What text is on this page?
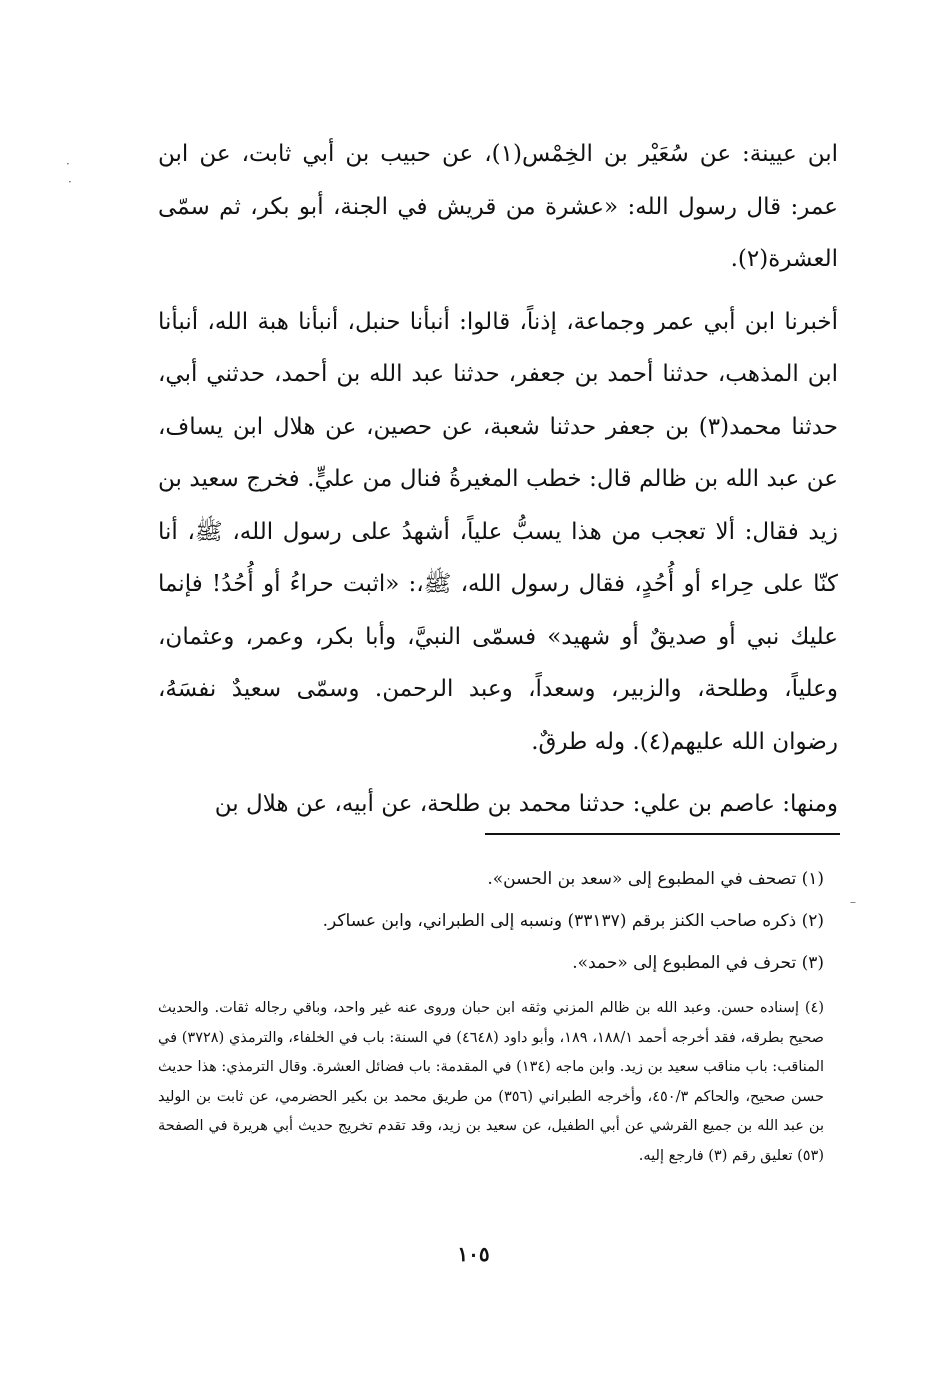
·
·
–

ابن عيينة: عن سُعَيْر بن الخِمْس(١)، عن حبيب بن أبي ثابت، عن ابن عمر: قال رسول الله: «عشرة من قريش في الجنة، أبو بكر، ثم سمّى العشرة(٢).

أخبرنا ابن أبي عمر وجماعة، إذناً، قالوا: أنبأنا حنبل، أنبأنا هبة الله، أنبأنا ابن المذهب، حدثنا أحمد بن جعفر، حدثنا عبد الله بن أحمد، حدثني أبي، حدثنا محمد(٣) بن جعفر حدثنا شعبة، عن حصين، عن هلال ابن يساف، عن عبد الله بن ظالم قال: خطب المغيرةُ فنال من عليٍّ. فخرج سعيد بن زيد فقال: ألا تعجب من هذا يسبُّ علياً، أشهدُ على رسول الله، ﷺ، أنا كنّا على حِراء أو أُحُدٍ، فقال رسول الله، ﷺ،: «اثبت حراءُ أو أُحُدُ! فإنما عليك نبي أو صديقٌ أو شهيد» فسمّى النبيَّ، وأبا بكر، وعمر، وعثمان، وعلياً، وطلحة، والزبير، وسعداً، وعبد الرحمن. وسمّى سعيدٌ نفسَهُ، رضوان الله عليهم(٤). وله طرقٌ.

ومنها: عاصم بن علي: حدثنا محمد بن طلحة، عن أبيه، عن هلال بن

(١) تصحف في المطبوع إلى «سعد بن الحسن».

(٢) ذكره صاحب الكنز برقم (٣٣١٣٧) ونسبه إلى الطبراني، وابن عساكر.

(٣) تحرف في المطبوع إلى «حمد».

(٤) إسناده حسن. وعبد الله بن ظالم المزني وثقه ابن حبان وروى عنه غير واحد، وباقي رجاله ثقات. والحديث صحيح بطرقه، فقد أخرجه أحمد ١٨٨/١، ١٨٩، وأبو داود (٤٦٤٨) في السنة: باب في الخلفاء، والترمذي (٣٧٢٨) في المناقب: باب مناقب سعيد بن زيد. وابن ماجه (١٣٤) في المقدمة: باب فضائل العشرة. وقال الترمذي: هذا حديث حسن صحيح، والحاكم ٤٥٠/٣، وأخرجه الطبراني (٣٥٦) من طريق محمد بن بكير الحضرمي، عن ثابت بن الوليد بن عبد الله بن جميع القرشي عن أبي الطفيل، عن سعيد بن زيد، وقد تقدم تخريج حديث أبي هريرة في الصفحة (٥٣) تعليق رقم (٣) فارجع إليه.

١٠٥
